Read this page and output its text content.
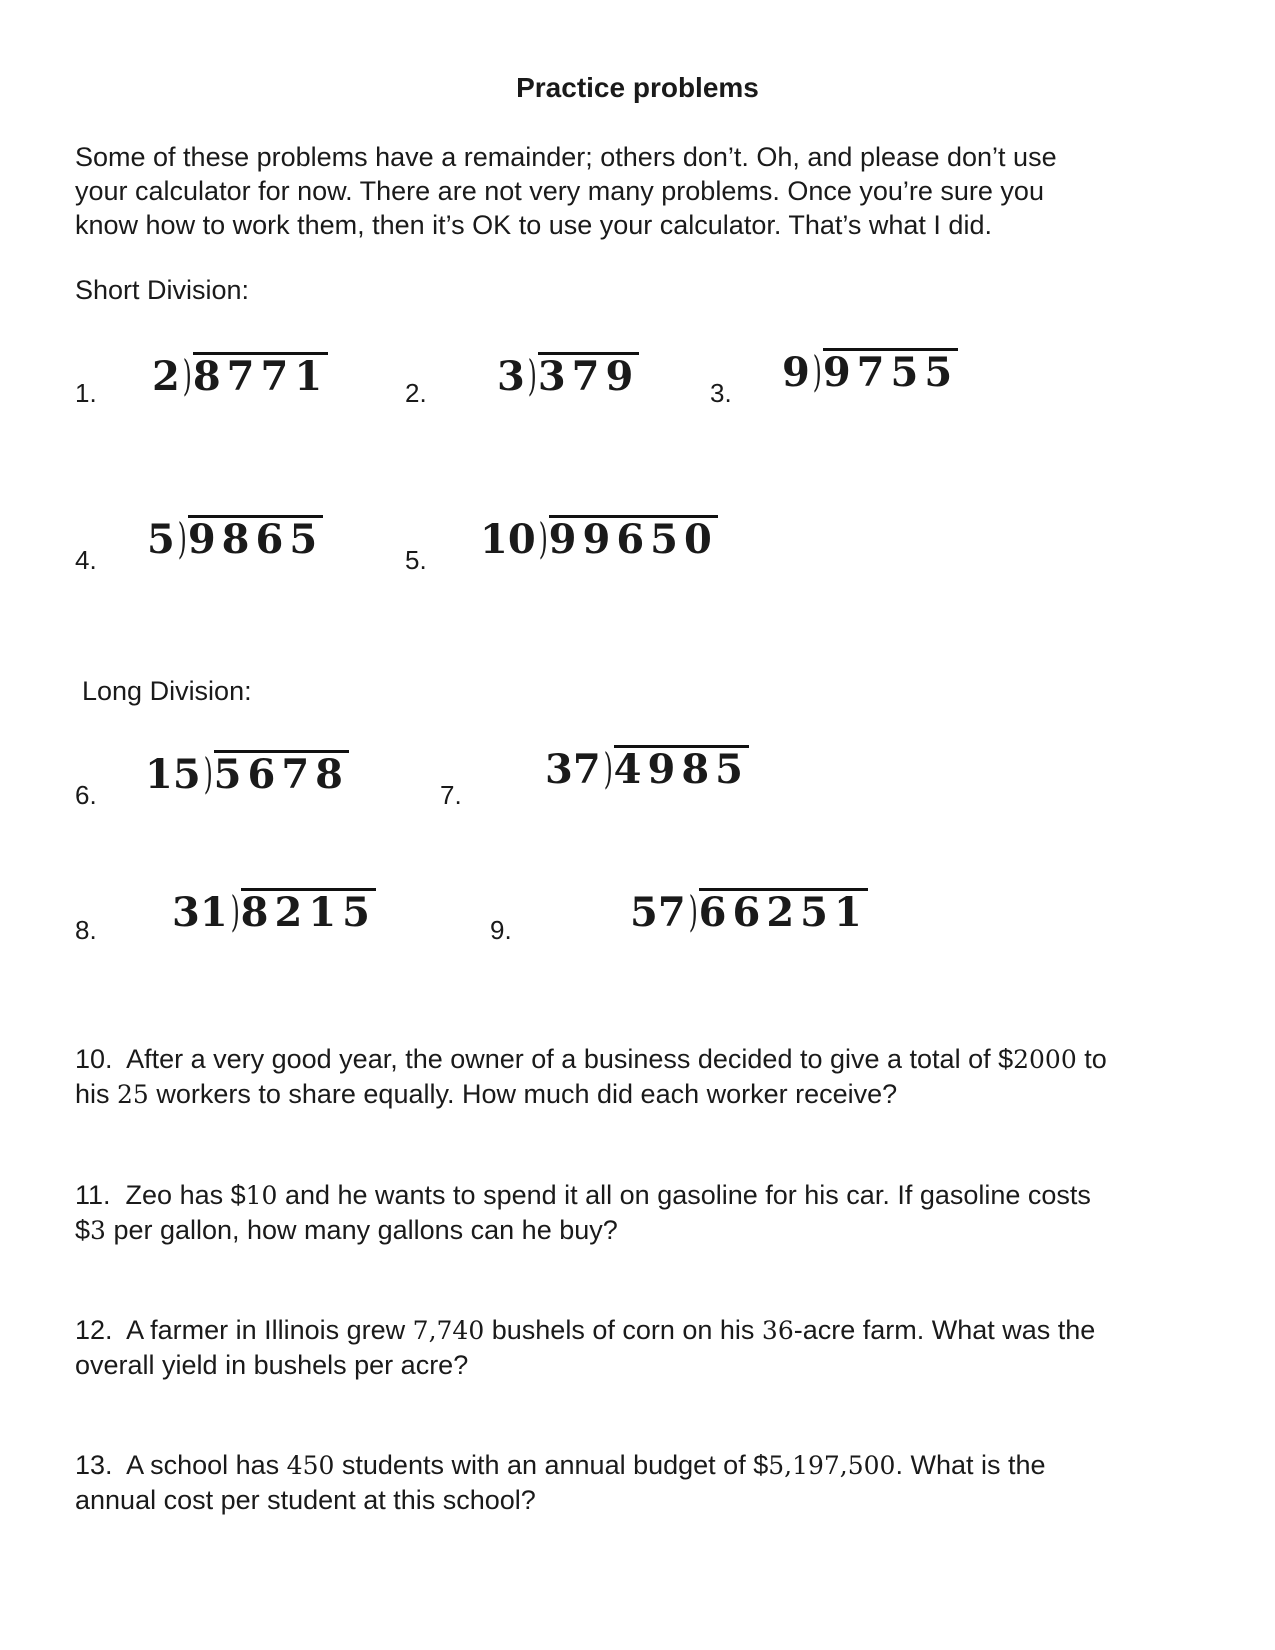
Practice problems

Some of these problems have a remainder; others don’t. Oh, and please don’t use

your calculator for now. There are not very many problems. Once you’re sure you

know how to work them, then it’s OK to use your calculator. That’s what I did.

Short Division:
1. 2 ) 8771	2. 3 ) 379	3. 9 ) 9755
4. 5 ) 9865	5. 10 ) 99650
Long Division:
6. 15 ) 5678	7.
37 ) 4985
8. 31 ) 8215	9.	57 ) 66251

10. After a very good year, the owner of a business decided to give a total of $2000 to

his 25 workers to share equally. How much did each worker receive?

11. Zeo has $10 and he wants to spend it all on gasoline for his car. If gasoline costs

$3 per gallon, how many gallons can he buy?

12. A farmer in Illinois grew 7,740 bushels of corn on his 36-acre farm. What was the

overall yield in bushels per acre?

13. A school has 450 students with an annual budget of $5,197,500. What is the

annual cost per student at this school?
